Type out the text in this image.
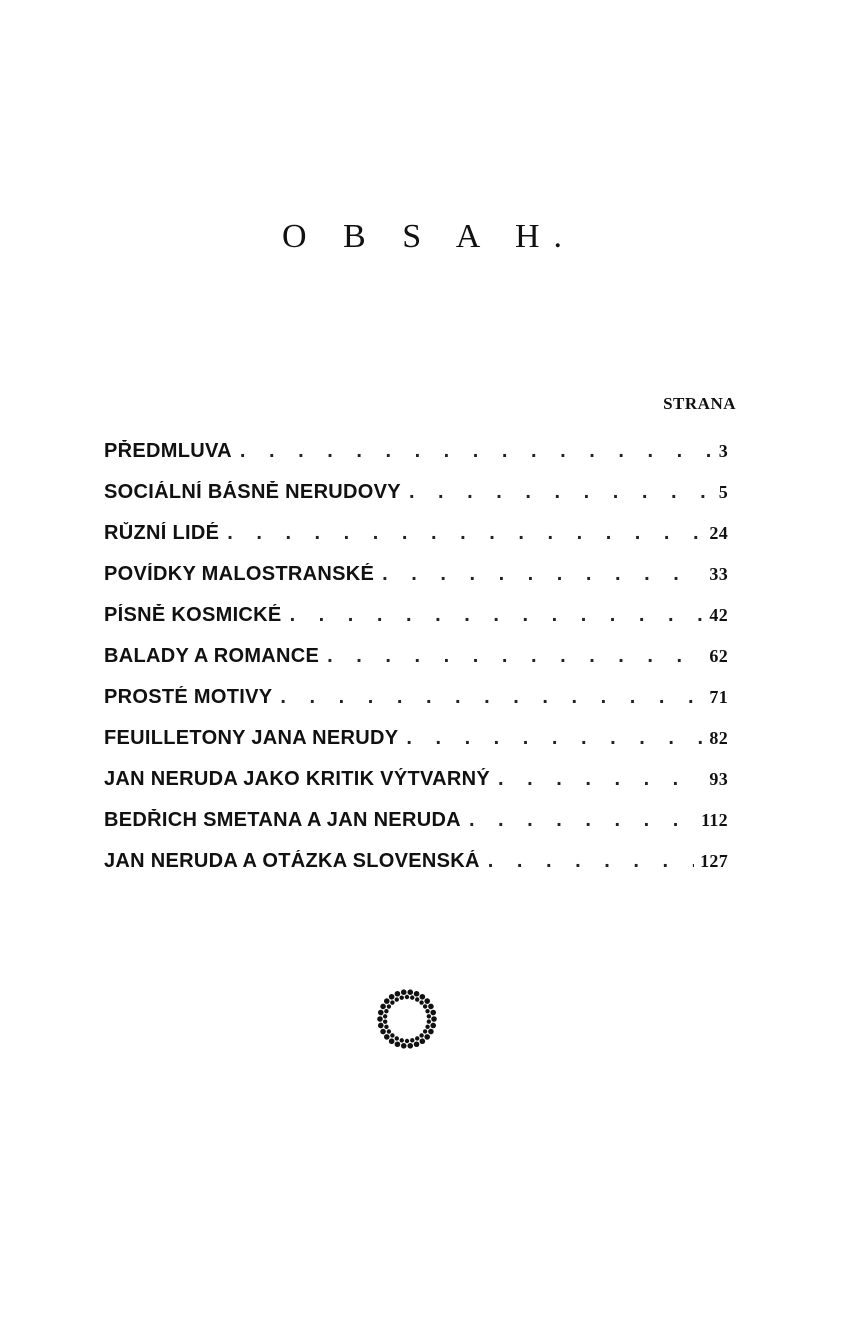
O B S A H.
STRANA
PŘEDMLUVA . . .	3
SOCIÁLNÍ BÁSNĚ NERUDOVY . . .	5
RŮZNÍ LIDÉ . . .	24
POVÍDKY MALOSTRANSKÉ . . .	33
PÍSNĚ KOSMICKÉ . . .	42
BALADY A ROMANCE . . .	62
PROSTÉ MOTIVY . . .	71
FEUILLETONY JANA NERUDY . . .	82
JAN NERUDA JAKO KRITIK VÝTVARNÝ . . .	93
BEDŘICH SMETANA A JAN NERUDA . . .	112
JAN NERUDA A OTÁZKA SLOVENSKÁ . . .	127
